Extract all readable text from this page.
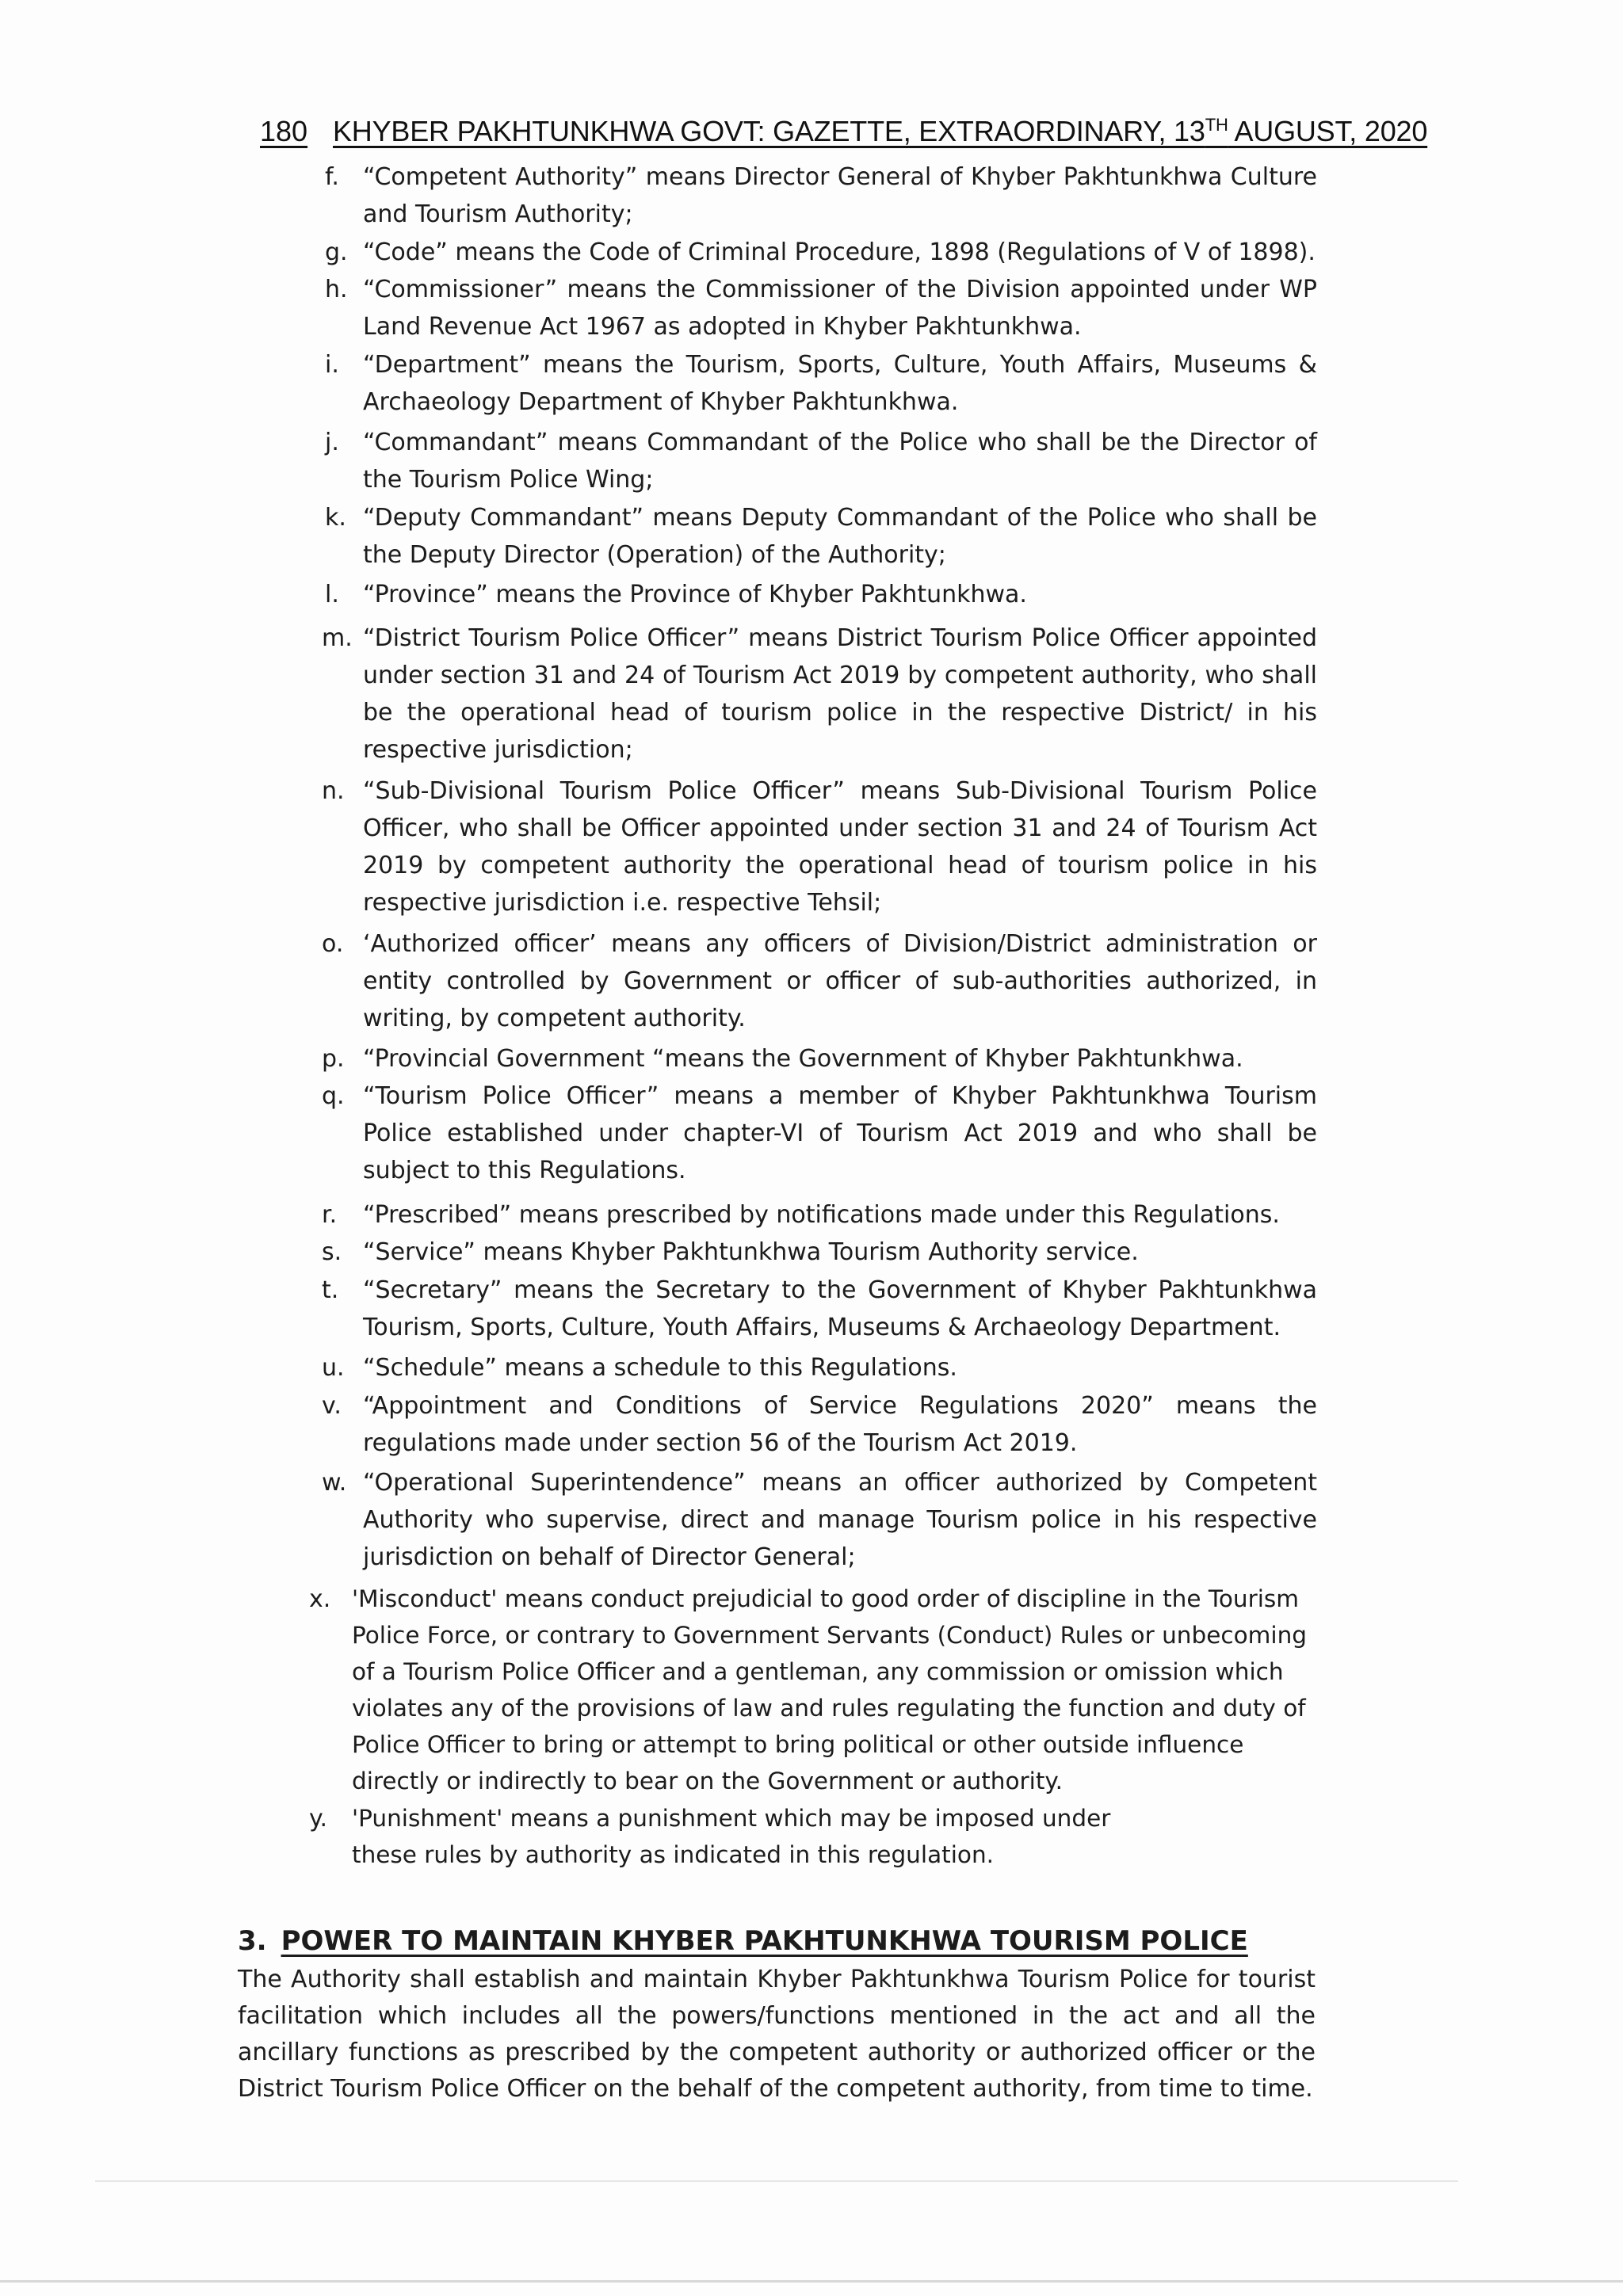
180 KHYBER PAKHTUNKHWA GOVT: GAZETTE, EXTRAORDINARY, 13TH AUGUST, 2020
f.	“Competent Authority” means Director General of Khyber Pakhtunkhwa Culture and Tourism Authority;
g. “Code” means the Code of Criminal Procedure, 1898 (Regulations of V of 1898).
h. “Commissioner” means the Commissioner of the Division appointed under WP Land Revenue Act 1967 as adopted in Khyber Pakhtunkhwa.
i.	“Department” means the Tourism, Sports, Culture, Youth Affairs, Museums & Archaeology Department of Khyber Pakhtunkhwa.
j.	“Commandant” means Commandant of the Police who shall be the Director of the Tourism Police Wing;
k. “Deputy Commandant” means Deputy Commandant of the Police who shall be the Deputy Director (Operation) of the Authority;
l.	“Province” means the Province of Khyber Pakhtunkhwa.
m. “District Tourism Police Officer” means District Tourism Police Officer appointed under section 31 and 24 of Tourism Act 2019 by competent authority, who shall be the operational head of tourism police in the respective District/ in his respective jurisdiction;
n. “Sub-Divisional Tourism Police Officer” means Sub-Divisional Tourism Police Officer, who shall be Officer appointed under section 31 and 24 of Tourism Act 2019 by competent authority the operational head of tourism police in his respective jurisdiction i.e. respective Tehsil;
o. ‘Authorized officer’ means any officers of Division/District administration or entity controlled by Government or officer of sub-authorities authorized, in writing, by competent authority.
p. “Provincial Government “means the Government of Khyber Pakhtunkhwa.
q. “Tourism Police Officer” means a member of Khyber Pakhtunkhwa Tourism Police established under chapter-VI of Tourism Act 2019 and who shall be subject to this Regulations.
r.	“Prescribed” means prescribed by notifications made under this Regulations.
s. “Service” means Khyber Pakhtunkhwa Tourism Authority service.
t.	“Secretary” means the Secretary to the Government of Khyber Pakhtunkhwa Tourism, Sports, Culture, Youth Affairs, Museums & Archaeology Department.
u. “Schedule” means a schedule to this Regulations.
v. “Appointment and Conditions of Service Regulations 2020” means the regulations made under section 56 of the Tourism Act 2019.
w. “Operational Superintendence” means an officer authorized by Competent Authority who supervise, direct and manage Tourism police in his respective jurisdiction on behalf of Director General;
x. 'Misconduct' means conduct prejudicial to good order of discipline in the Tourism Police Force, or contrary to Government Servants (Conduct) Rules or unbecoming of a Tourism Police Officer and a gentleman, any commission or omission which violates any of the provisions of law and rules regulating the function and duty of Police Officer to bring or attempt to bring political or other outside influence directly or indirectly to bear on the Government or authority.
y.	'Punishment' means a punishment which may be imposed under these rules by authority as indicated in this regulation.

3. POWER TO MAINTAIN KHYBER PAKHTUNKHWA TOURISM POLICE

The Authority shall establish and maintain Khyber Pakhtunkhwa Tourism Police for tourist facilitation which includes all the powers/functions mentioned in the act and all the ancillary functions as prescribed by the competent authority or authorized officer or the District Tourism Police Officer on the behalf of the competent authority, from time to time.
